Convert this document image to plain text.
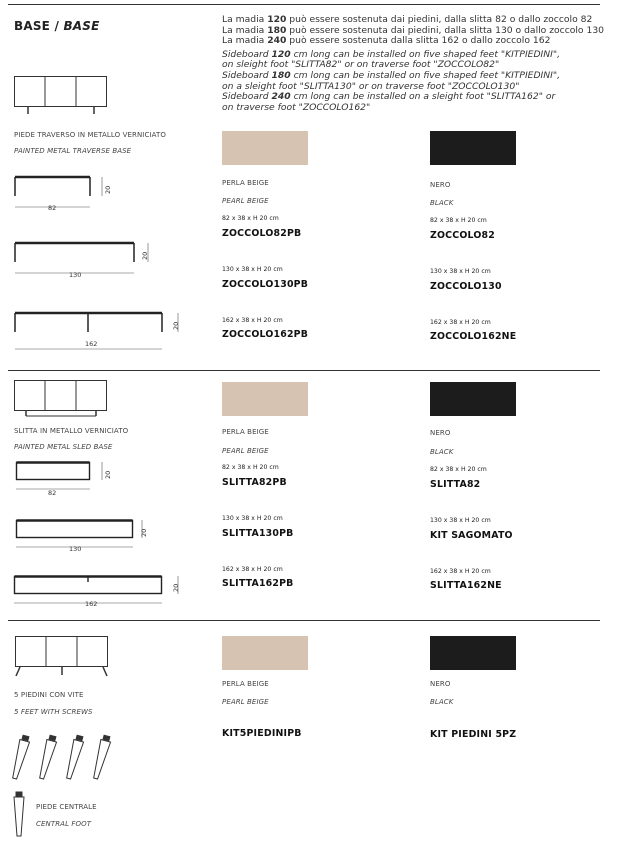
BASE / BASE	La madia 120 può essere sostenuta dai piedini, dalla slitta 82 o dallo zoccolo 82
La madia 180 può essere sostenuta dai piedini, dalla slitta 130 o dallo zoccolo 130
La madia 240 può essere sostenuta dalla slitta 162 o dallo zoccolo 162
Sideboard 120 cm long can be installed on five shaped feet "KITPIEDINI",
on sleight foot "SLITTA82" or on traverse foot "ZOCCOLO82"
Sideboard 180 cm long can be installed on five shaped feet "KITPIEDINI",
on a sleight foot "SLITTA130" or on traverse foot "ZOCCOLO130"
Sideboard 240 cm long can be installed on a sleight foot "SLITTA162" or
on traverse foot "ZOCCOLO162"
PIEDE TRAVERSO IN METALLO VERNICIATO
PAINTED METAL TRAVERSE BASE
82
20
130
20
162
20
PERLA BEIGE
PEARL BEIGE
82 x 38 x H 20 cm
ZOCCOLO82PB
130 x 38 x H 20 cm
ZOCCOLO130PB
162 x 38 x H 20 cm
ZOCCOLO162PB
NERO
BLACK
82 x 38 x H 20 cm
ZOCCOLO82
130 x 38 x H 20 cm
ZOCCOLO130
162 x 38 x H 20 cm
ZOCCOLO162NE
SLITTA IN METALLO VERNICIATO
PAINTED METAL SLED BASE
82
20
130
20
162
20
PERLA BEIGE
PEARL BEIGE
82 x 38 x H 20 cm
SLITTA82PB
130 x 38 x H 20 cm
SLITTA130PB
162 x 38 x H 20 cm
SLITTA162PB
NERO
BLACK
82 x 38 x H 20 cm
SLITTA82
130 x 38 x H 20 cm
KIT SAGOMATO
162 x 38 x H 20 cm
SLITTA162NE
5 PIEDINI CON VITE
5 FEET WITH SCREWS
PIEDE CENTRALE
CENTRAL FOOT
PERLA BEIGE
PEARL BEIGE
KIT5PIEDINIPB
NERO
BLACK
KIT PIEDINI 5PZ
